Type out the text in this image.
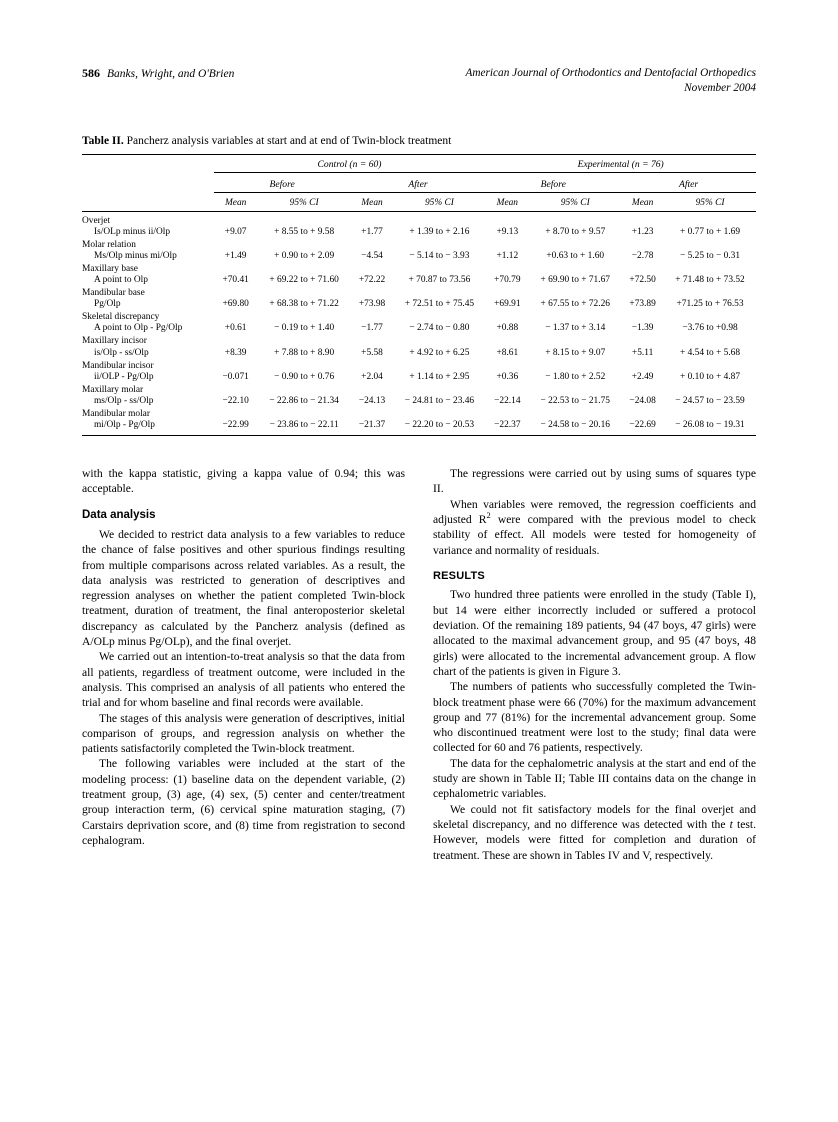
586 Banks, Wright, and O'Brien	American Journal of Orthodontics and Dentofacial Orthopedics
November 2004
Table II. Pancherz analysis variables at start and at end of Twin-block treatment

	Control (n = 60)				Experimental (n = 76)			

	Before		After		Before		After	

	Mean	95% CI	Mean	95% CI	Mean	95% CI	Mean	95% CI

Overjet
Is/OLp minus ii/Olp	+9.07	+ 8.55 to + 9.58	+1.77	+ 1.39 to + 2.16	+9.13	+ 8.70 to + 9.57	+1.23	+ 0.77 to + 1.69

Molar relation
Ms/Olp minus mi/Olp	+1.49	+ 0.90 to + 2.09	−4.54	− 5.14 to − 3.93	+1.12	+0.63 to + 1.60	−2.78	− 5.25 to − 0.31

Maxillary base
A point to Olp	+70.41	+ 69.22 to + 71.60	+72.22	+ 70.87 to 73.56	+70.79	+ 69.90 to + 71.67	+72.50	+ 71.48 to + 73.52

Mandibular base
Pg/Olp	+69.80	+ 68.38 to + 71.22	+73.98	+ 72.51 to + 75.45	+69.91	+ 67.55 to + 72.26	+73.89	+71.25 to + 76.53

Skeletal discrepancy
A point to Olp - Pg/Olp	+0.61	− 0.19 to + 1.40	−1.77	− 2.74 to − 0.80	+0.88	− 1.37 to + 3.14	−1.39	−3.76 to +0.98

Maxillary incisor
is/Olp - ss/Olp	+8.39	+ 7.88 to + 8.90	+5.58	+ 4.92 to + 6.25	+8.61	+ 8.15 to + 9.07	+5.11	+ 4.54 to + 5.68

Mandibular incisor
ii/OLP - Pg/Olp	−0.071	− 0.90 to + 0.76	+2.04	+ 1.14 to + 2.95	+0.36	− 1.80 to + 2.52	+2.49	+ 0.10 to + 4.87

Maxillary molar
ms/Olp - ss/Olp	−22.10	− 22.86 to − 21.34	−24.13	− 24.81 to − 23.46	−22.14	− 22.53 to − 21.75	−24.08	− 24.57 to − 23.59

Mandibular molar
mi/Olp - Pg/Olp	−22.99	− 23.86 to − 22.11	−21.37	− 22.20 to − 20.53	−22.37	− 24.58 to − 20.16	−22.69	− 26.08 to − 19.31

with the kappa statistic, giving a kappa value of 0.94; this was acceptable.

Data analysis

We decided to restrict data analysis to a few variables to reduce the chance of false positives and other spurious findings resulting from multiple comparisons across related variables. As a result, the data analysis was restricted to generation of descriptives and regression analyses on whether the patient completed Twin-block treatment, duration of treatment, the final anteroposterior skeletal discrepancy as calculated by the Pancherz analysis (defined as A/OLp minus Pg/OLp), and the final overjet.

We carried out an intention-to-treat analysis so that the data from all patients, regardless of treatment outcome, were included in the analysis. This comprised an analysis of all patients who entered the trial and for whom baseline and final records were available.

The stages of this analysis were generation of descriptives, initial comparison of groups, and regression analysis on whether the patients satisfactorily completed the Twin-block treatment.

The following variables were included at the start of the modeling process: (1) baseline data on the dependent variable, (2) treatment group, (3) age, (4) sex, (5) center and center/treatment group interaction term, (6) cervical spine maturation staging, (7) Carstairs deprivation score, and (8) time from registration to second cephalogram.

The regressions were carried out by using sums of squares type II.

When variables were removed, the regression coefficients and adjusted $R^2$ were compared with the previous model to check stability of effect. All models were tested for homogeneity of variance and normality of residuals.

RESULTS

Two hundred three patients were enrolled in the study (Table I), but 14 were either incorrectly included or suffered a protocol deviation. Of the remaining 189 patients, 94 (47 boys, 47 girls) were allocated to the maximal advancement group, and 95 (47 boys, 48 girls) were allocated to the incremental advancement group. A flow chart of the patients is given in Figure 3.

The numbers of patients who successfully completed the Twin-block treatment phase were 66 (70%) for the maximum advancement group and 77 (81%) for the incremental advancement group. Some who discontinued treatment were lost to the study; final data were collected for 60 and 76 patients, respectively.

The data for the cephalometric analysis at the start and end of the study are shown in Table II; Table III contains data on the change in cephalometric variables.

We could not fit satisfactory models for the final overjet and skeletal discrepancy, and no difference was detected with the t test. However, models were fitted for completion and duration of treatment. These are shown in Tables IV and V, respectively.
